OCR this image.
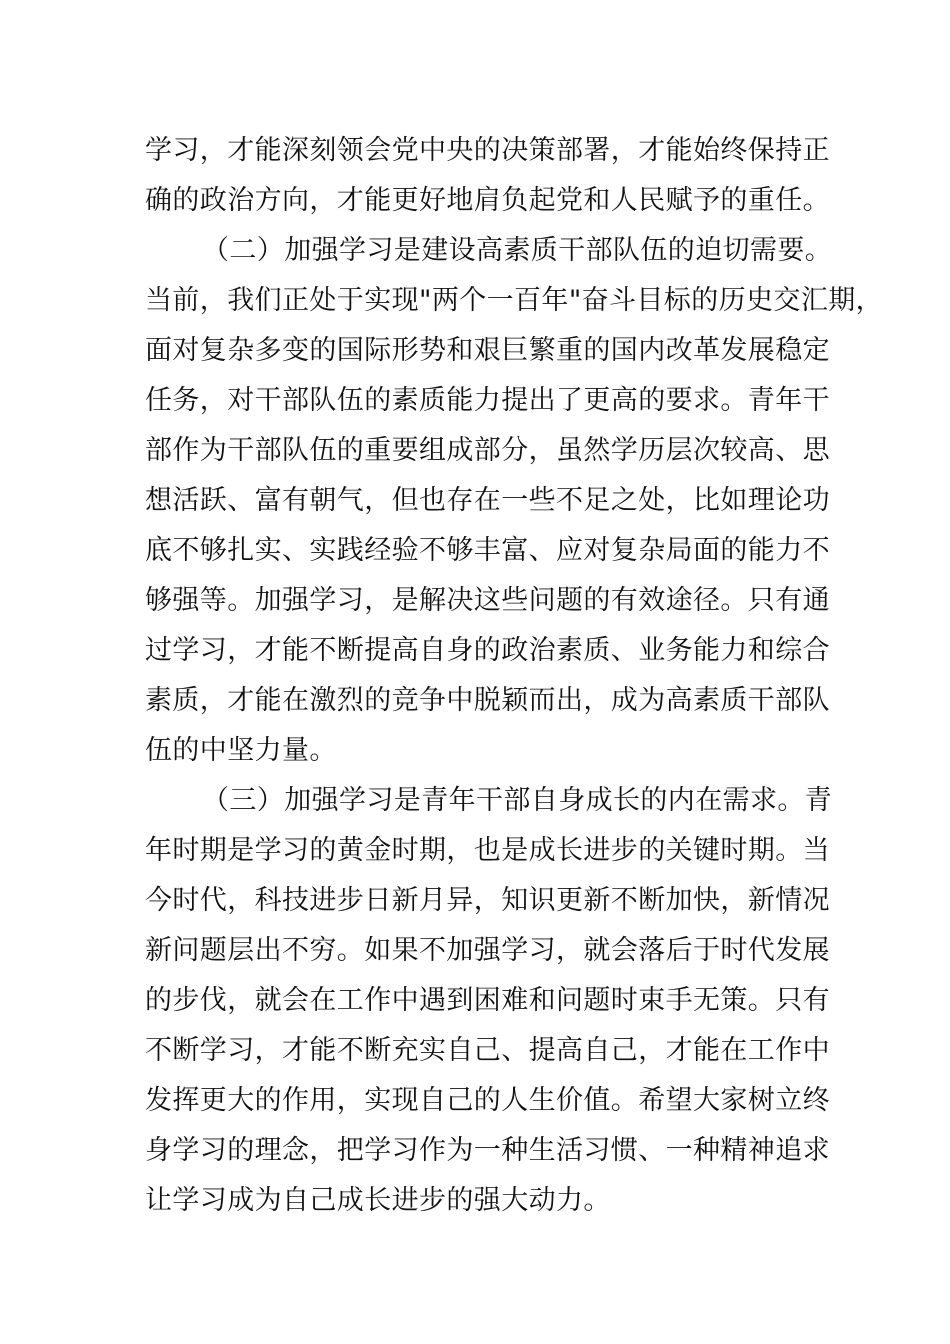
学习，才能深刻领会党中央的决策部署，才能始终保持正
确的政治方向，才能更好地肩负起党和人民赋予的重任。
（二）加强学习是建设高素质干部队伍的迫切需要。
当前，我们正处于实现"两个一百年"奋斗目标的历史交汇期，
面对复杂多变的国际形势和艰巨繁重的国内改革发展稳定
任务，对干部队伍的素质能力提出了更高的要求。青年干
部作为干部队伍的重要组成部分，虽然学历层次较高、思
想活跃、富有朝气，但也存在一些不足之处，比如理论功
底不够扎实、实践经验不够丰富、应对复杂局面的能力不
够强等。加强学习，是解决这些问题的有效途径。只有通
过学习，才能不断提高自身的政治素质、业务能力和综合
素质，才能在激烈的竞争中脱颖而出，成为高素质干部队
伍的中坚力量。
（三）加强学习是青年干部自身成长的内在需求。青
年时期是学习的黄金时期，也是成长进步的关键时期。当
今时代，科技进步日新月异，知识更新不断加快，新情况
新问题层出不穷。如果不加强学习，就会落后于时代发展
的步伐，就会在工作中遇到困难和问题时束手无策。只有
不断学习，才能不断充实自己、提高自己，才能在工作中
发挥更大的作用，实现自己的人生价值。希望大家树立终
身学习的理念，把学习作为一种生活习惯、一种精神追求
让学习成为自己成长进步的强大动力。
